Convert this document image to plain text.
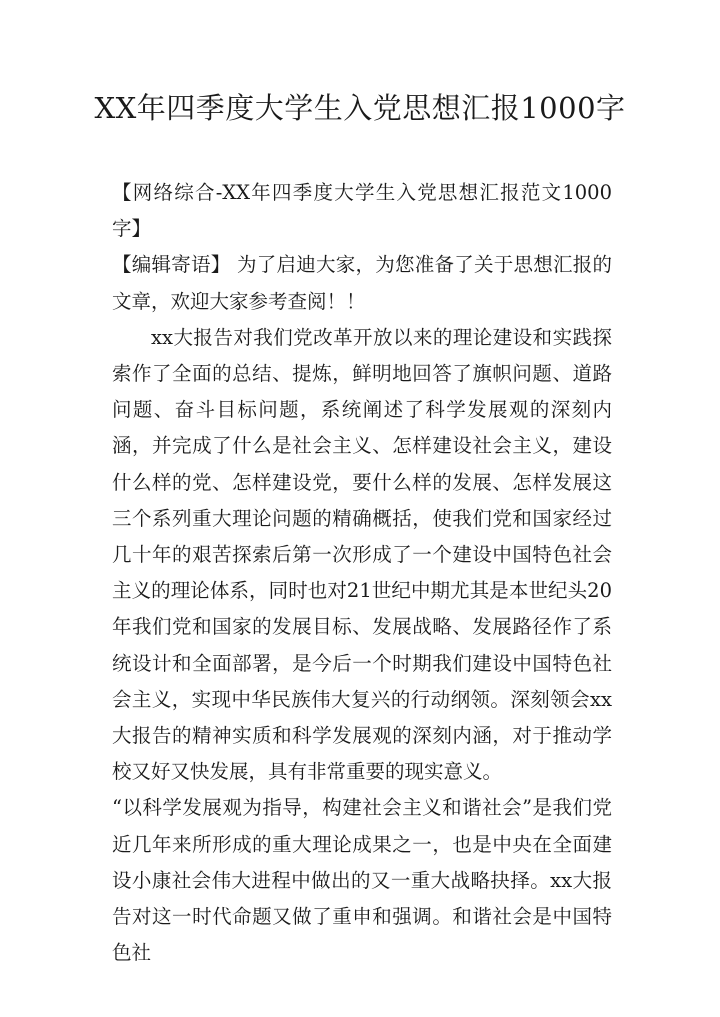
XX年四季度大学生入党思想汇报1000字

【网络综合-XX年四季度大学生入党思想汇报范文1000字】

【编辑寄语】 为了启迪大家，为您准备了关于思想汇报的文章，欢迎大家参考查阅！！

xx大报告对我们党改革开放以来的理论建设和实践探索作了全面的总结、提炼，鲜明地回答了旗帜问题、道路问题、奋斗目标问题，系统阐述了科学发展观的深刻内涵，并完成了什么是社会主义、怎样建设社会主义，建设什么样的党、怎样建设党，要什么样的发展、怎样发展这三个系列重大理论问题的精确概括，使我们党和国家经过几十年的艰苦探索后第一次形成了一个建设中国特色社会主义的理论体系，同时也对21世纪中期尤其是本世纪头20年我们党和国家的发展目标、发展战略、发展路径作了系统设计和全面部署，是今后一个时期我们建设中国特色社会主义，实现中华民族伟大复兴的行动纲领。深刻领会xx大报告的精神实质和科学发展观的深刻内涵，对于推动学校又好又快发展，具有非常重要的现实意义。

“以科学发展观为指导，构建社会主义和谐社会”是我们党近几年来所形成的重大理论成果之一，也是中央在全面建设小康社会伟大进程中做出的又一重大战略抉择。xx大报告对这一时代命题又做了重申和强调。和谐社会是中国特色社
